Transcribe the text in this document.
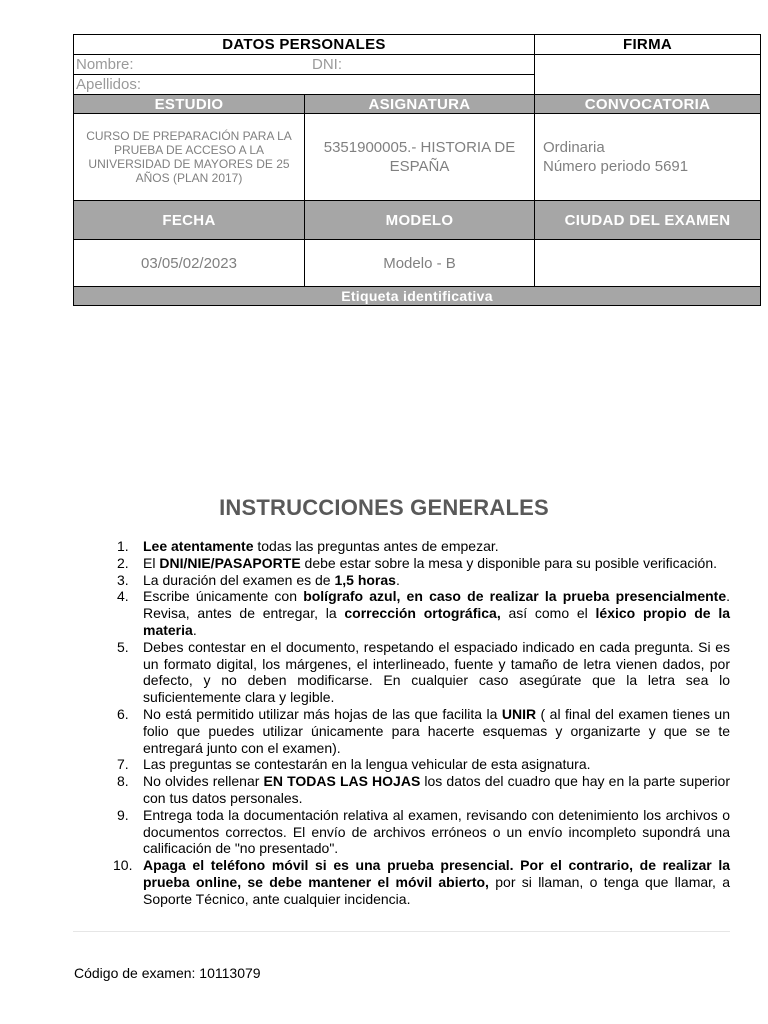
DATOS PERSONALES		FIRMA
Nombre: DNI:		

Apellidos:		
ESTUDIO	ASIGNATURA	CONVOCATORIA
CURSO DE PREPARACIÓN PARA LA PRUEBA DE ACCESO A LA UNIVERSIDAD DE MAYORES DE 25 AÑOS (PLAN 2017)	5351900005.- HISTORIA DE ESPAÑA	Ordinaria
Número periodo 5691

FECHA	MODELO	CIUDAD DEL EXAMEN
03/05/02/2023	Modelo - B	
Etiqueta identificativa		
INSTRUCCIONES GENERALES
1.	Lee atentamente todas las preguntas antes de empezar.
2.	El DNI/NIE/PASAPORTE debe estar sobre la mesa y disponible para su posible verificación.
3.	La duración del examen es de 1,5 horas.
4.	Escribe únicamente con bolígrafo azul, en caso de realizar la prueba presencialmente. Revisa, antes de entregar, la corrección ortográfica, así como el léxico propio de la materia.
5.	Debes contestar en el documento, respetando el espaciado indicado en cada pregunta. Si es un formato digital, los márgenes, el interlineado, fuente y tamaño de letra vienen dados, por defecto, y no deben modificarse. En cualquier caso asegúrate que la letra sea lo suficientemente clara y legible.
6.	No está permitido utilizar más hojas de las que facilita la UNIR ( al final del examen tienes un folio que puedes utilizar únicamente para hacerte esquemas y organizarte y que se te entregará junto con el examen).
7.	Las preguntas se contestarán en la lengua vehicular de esta asignatura.
8.	No olvides rellenar EN TODAS LAS HOJAS los datos del cuadro que hay en la parte superior con tus datos personales.
9.	Entrega toda la documentación relativa al examen, revisando con detenimiento los archivos o documentos correctos. El envío de archivos erróneos o un envío incompleto supondrá una calificación de "no presentado".
10. Apaga el teléfono móvil si es una prueba presencial. Por el contrario, de realizar la prueba online, se debe mantener el móvil abierto, por si llaman, o tenga que llamar, a Soporte Técnico, ante cualquier incidencia.
Código de examen: 10113079
